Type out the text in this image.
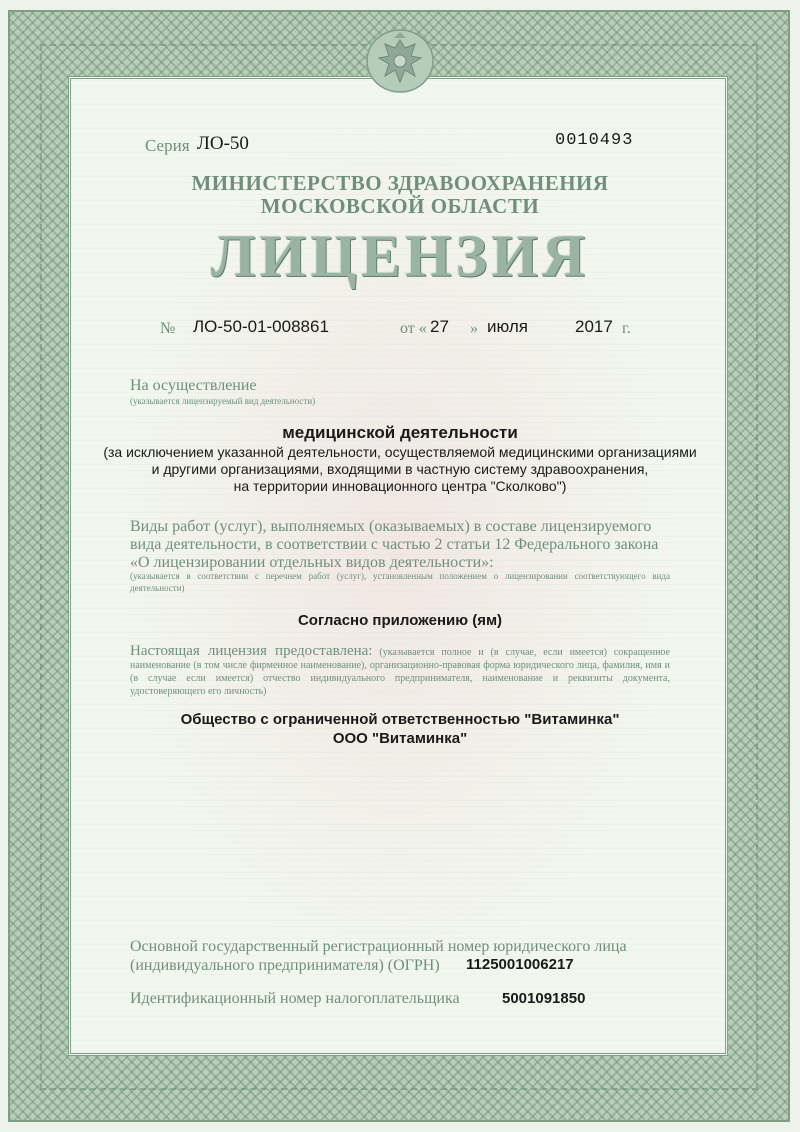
Серия ЛО-50	0010493
МИНИСТЕРСТВО ЗДРАВООХРАНЕНИЯ
МОСКОВСКОЙ ОБЛАСТИ
ЛИЦЕНЗИЯ
№ ЛО-50-01-008861	от « 27 » июля	2017 г.
На осуществление
(указывается лицензируемый вид деятельности)
медицинской деятельности
(за исключением указанной деятельности, осуществляемой медицинскими организациями
и другими организациями, входящими в частную систему здравоохранения,
на территории инновационного центра "Сколково")
Виды работ (услуг), выполняемых (оказываемых) в составе лицензируемого
вида деятельности, в соответствии с частью 2 статьи 12 Федерального закона
«О лицензировании отдельных видов деятельности»:
(указывается в соответствии с перечнем работ (услуг), установленным положением о лицензировании соответствующего вида деятельности)
Согласно приложению (ям)
Настоящая лицензия предоставлена: (указывается полное и (в случае, если имеется) сокращенное наименование (в том числе фирменное наименование), организационно-правовая форма юридического лица, фамилия, имя и (в случае если имеется) отчество индивидуального предпринимателя, наименование и реквизиты документа, удостоверяющего его личность)
Общество с ограниченной ответственностью "Витаминка"
ООО "Витаминка"
Основной государственный регистрационный номер юридического лица (индивидуального предпринимателя) (ОГРН)	1125001006217
Идентификационный номер налогоплательщика	5001091850
